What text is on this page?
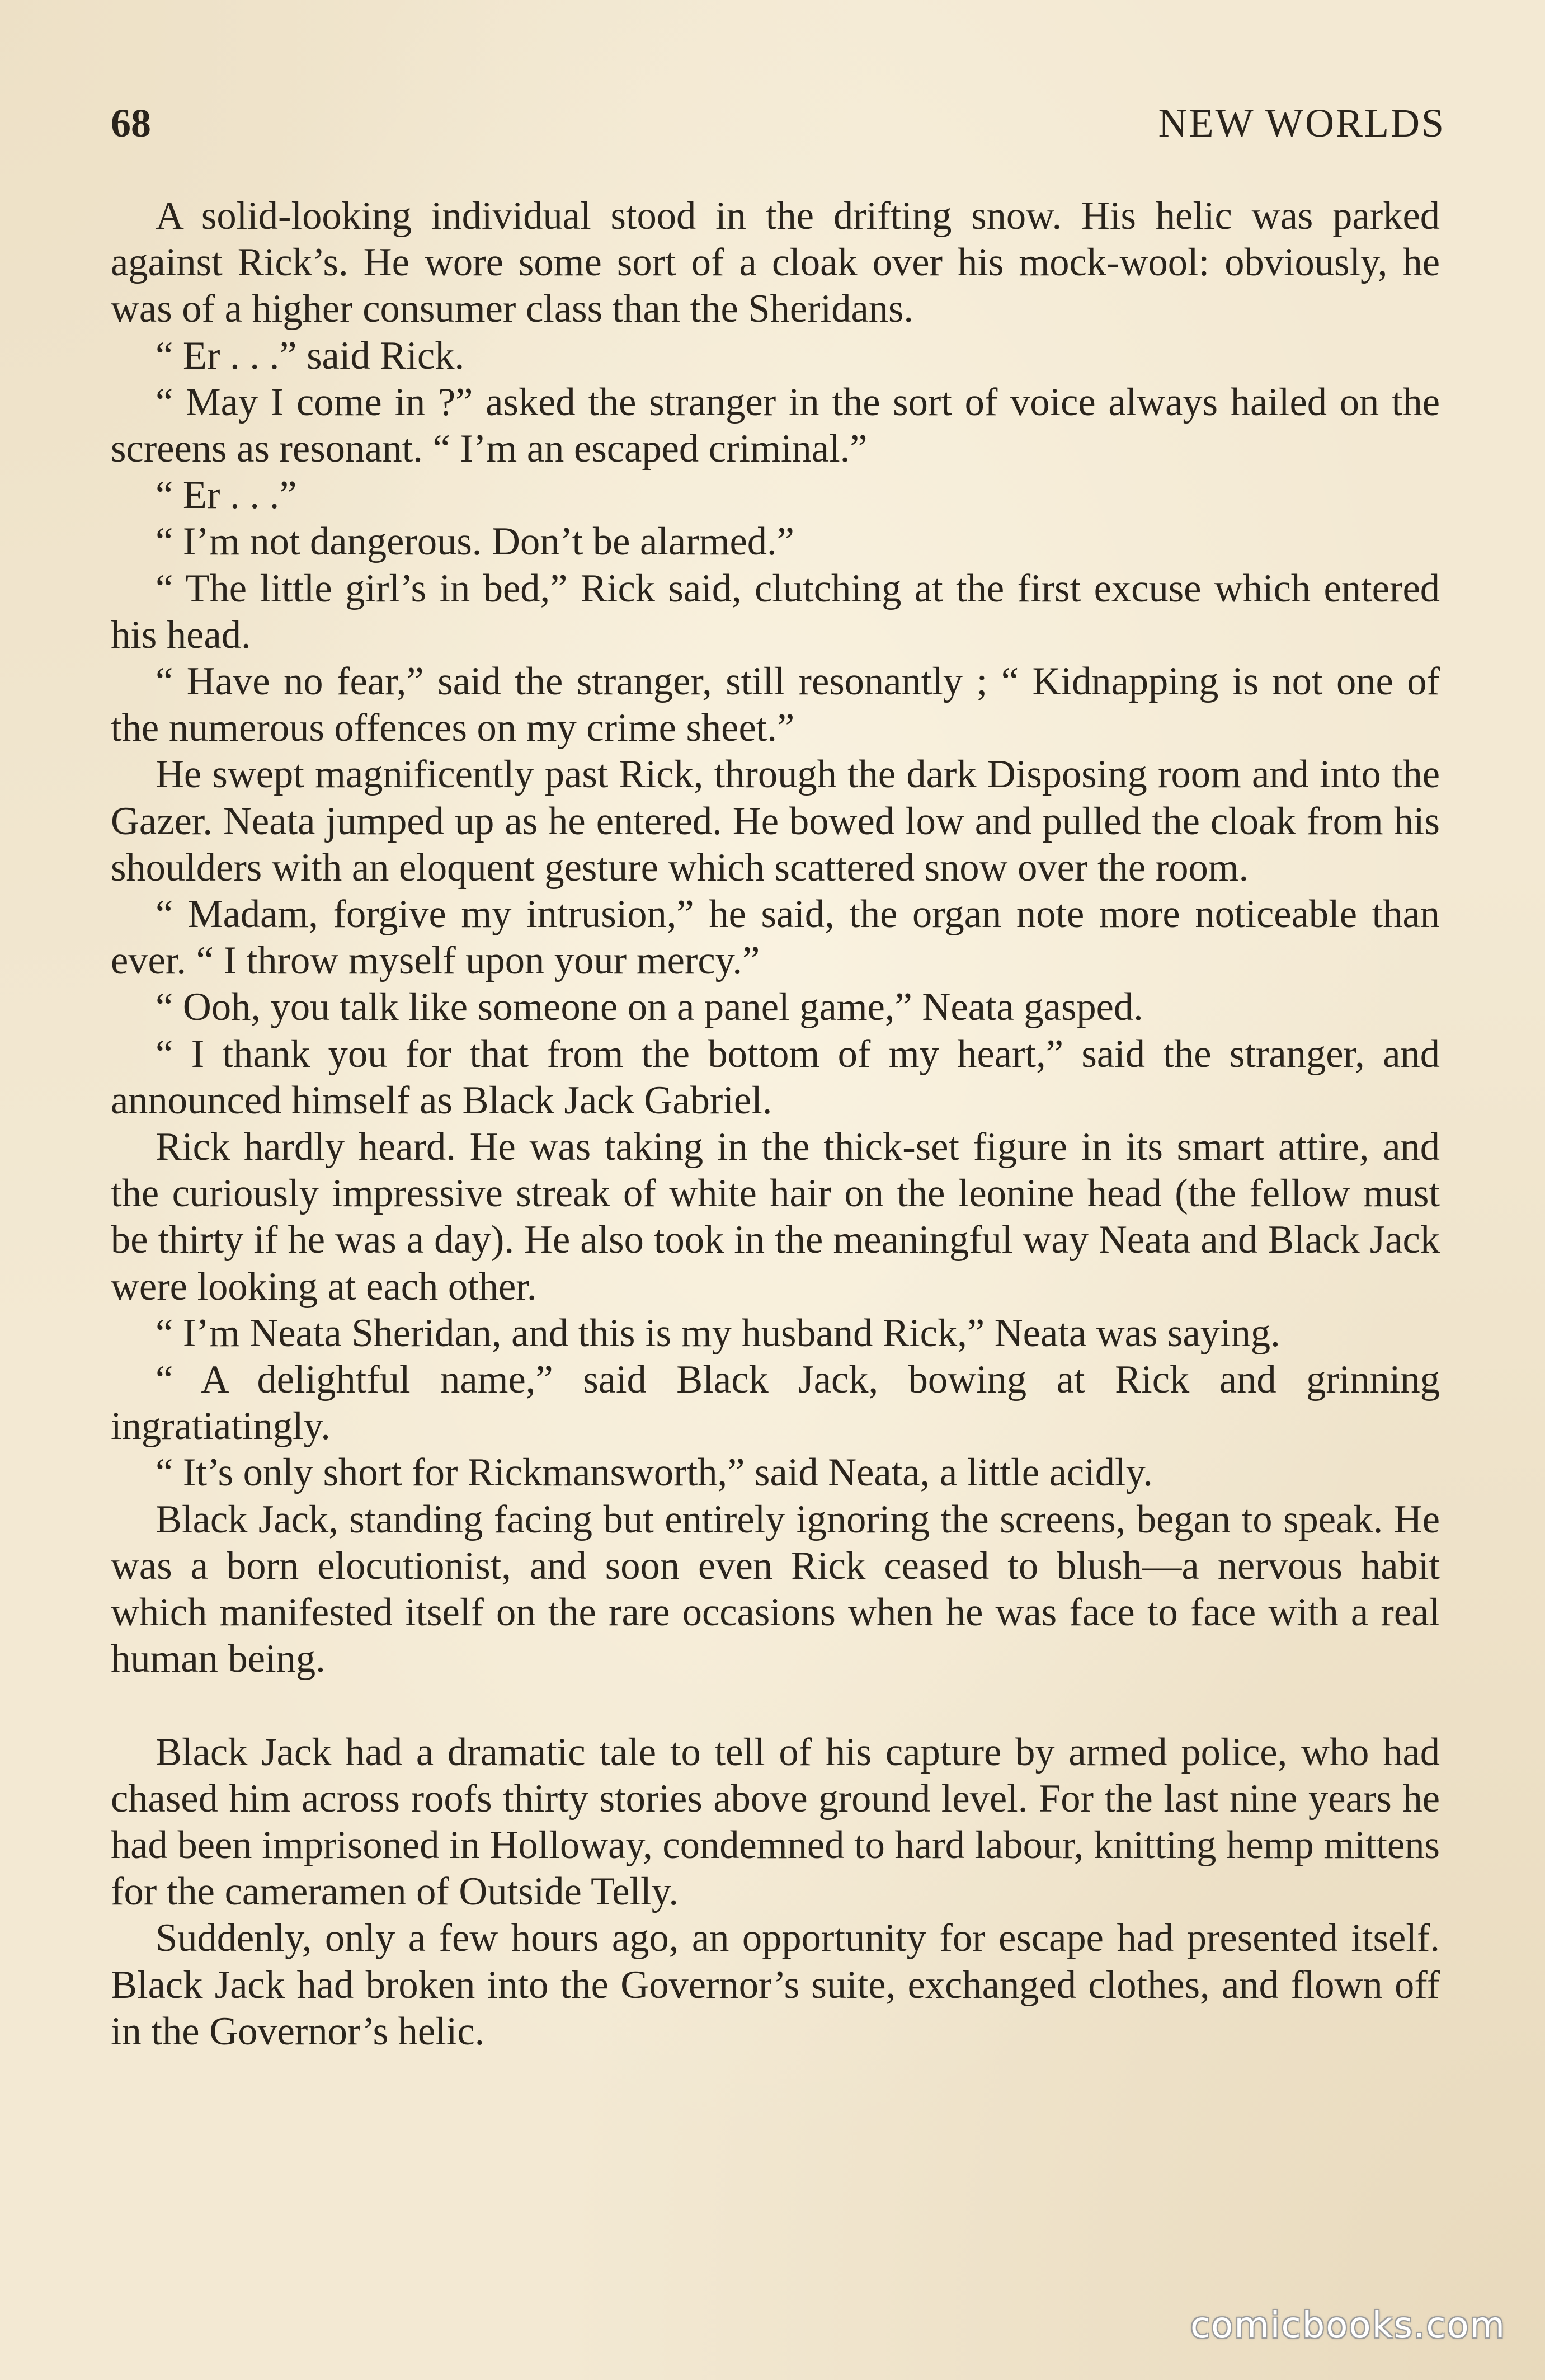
68	NEW WORLDS

A solid-looking individual stood in the drifting snow. His helic was parked against Rick’s. He wore some sort of a cloak over his mock-wool: obviously, he was of a higher consumer class than the Sheridans.

“ Er . . .” said Rick.

“ May I come in ?” asked the stranger in the sort of voice always hailed on the screens as resonant. “ I’m an escaped criminal.”

“ Er . . .”

“ I’m not dangerous. Don’t be alarmed.”

“ The little girl’s in bed,” Rick said, clutching at the first excuse which entered his head.

“ Have no fear,” said the stranger, still resonantly ; “ Kidnapping is not one of the numerous offences on my crime sheet.”

He swept magnificently past Rick, through the dark Disposing room and into the Gazer. Neata jumped up as he entered. He bowed low and pulled the cloak from his shoulders with an eloquent gesture which scattered snow over the room.

“ Madam, forgive my intrusion,” he said, the organ note more noticeable than ever. “ I throw myself upon your mercy.”

“ Ooh, you talk like someone on a panel game,” Neata gasped.

“ I thank you for that from the bottom of my heart,” said the stranger, and announced himself as Black Jack Gabriel.

Rick hardly heard. He was taking in the thick-set figure in its smart attire, and the curiously impressive streak of white hair on the leonine head (the fellow must be thirty if he was a day). He also took in the meaningful way Neata and Black Jack were looking at each other.

“ I’m Neata Sheridan, and this is my husband Rick,” Neata was saying.

“ A delightful name,” said Black Jack, bowing at Rick and grinning ingratiatingly.

“ It’s only short for Rickmansworth,” said Neata, a little acidly.

Black Jack, standing facing but entirely ignoring the screens, began to speak. He was a born elocutionist, and soon even Rick ceased to blush—a nervous habit which manifested itself on the rare occasions when he was face to face with a real human being.

Black Jack had a dramatic tale to tell of his capture by armed police, who had chased him across roofs thirty stories above ground level. For the last nine years he had been imprisoned in Holloway, condemned to hard labour, knitting hemp mittens for the cameramen of Outside Telly.

Suddenly, only a few hours ago, an opportunity for escape had presented itself. Black Jack had broken into the Governor’s suite, exchanged clothes, and flown off in the Governor’s helic.

comicbooks.com
